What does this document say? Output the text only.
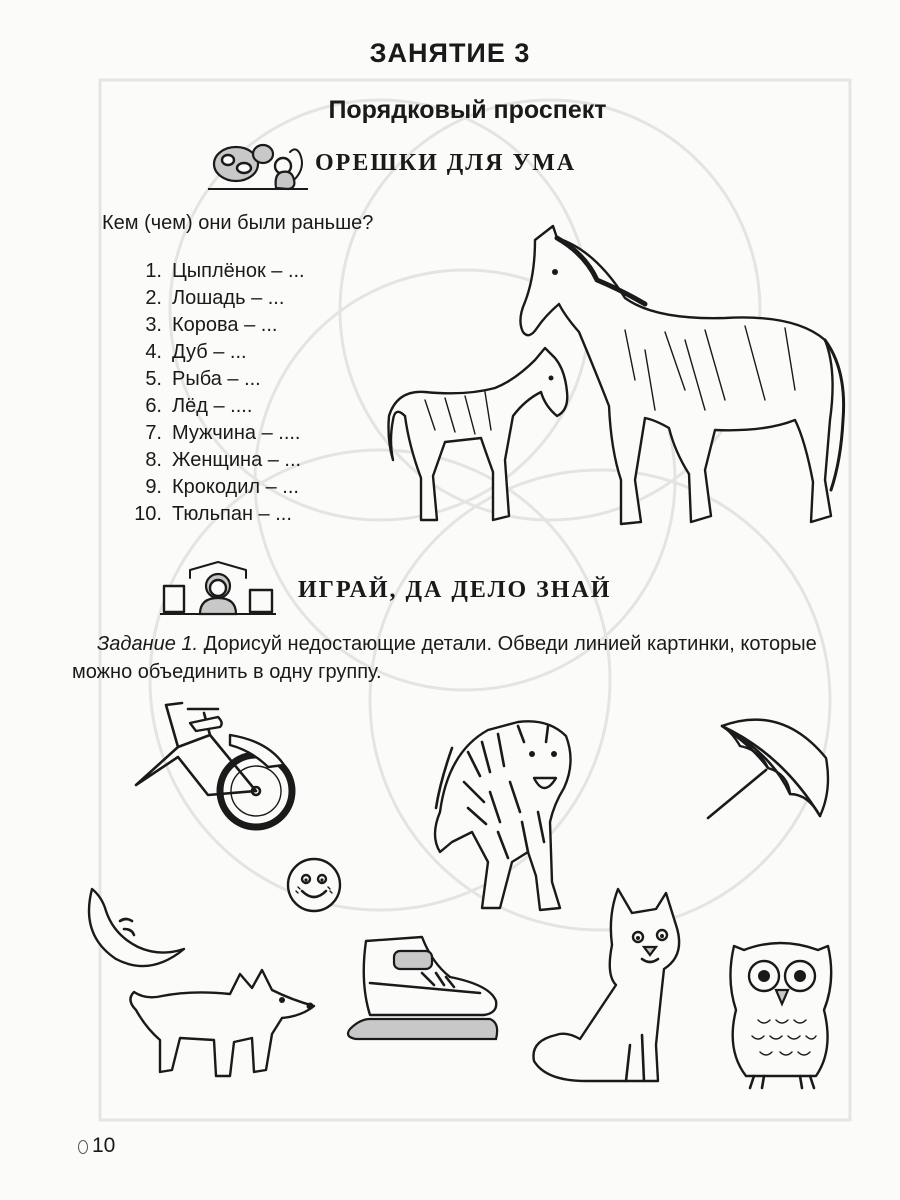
ЗАНЯТИЕ 3
Порядковый проспект
ОРЕШКИ ДЛЯ УМА
Кем (чем) они были раньше?
1. Цыплёнок – ...
2. Лошадь – ...
3. Корова – ...
4. Дуб – ...
5. Рыба – ...
6. Лёд – ....
7. Мужчина – ....
8. Женщина – ...
9. Крокодил – ...
10. Тюльпан – ...
ИГРАЙ, ДА ДЕЛО ЗНАЙ
Задание 1. Дорисуй недостающие детали. Обведи линией картинки, которые можно объединить в одну группу.
10
